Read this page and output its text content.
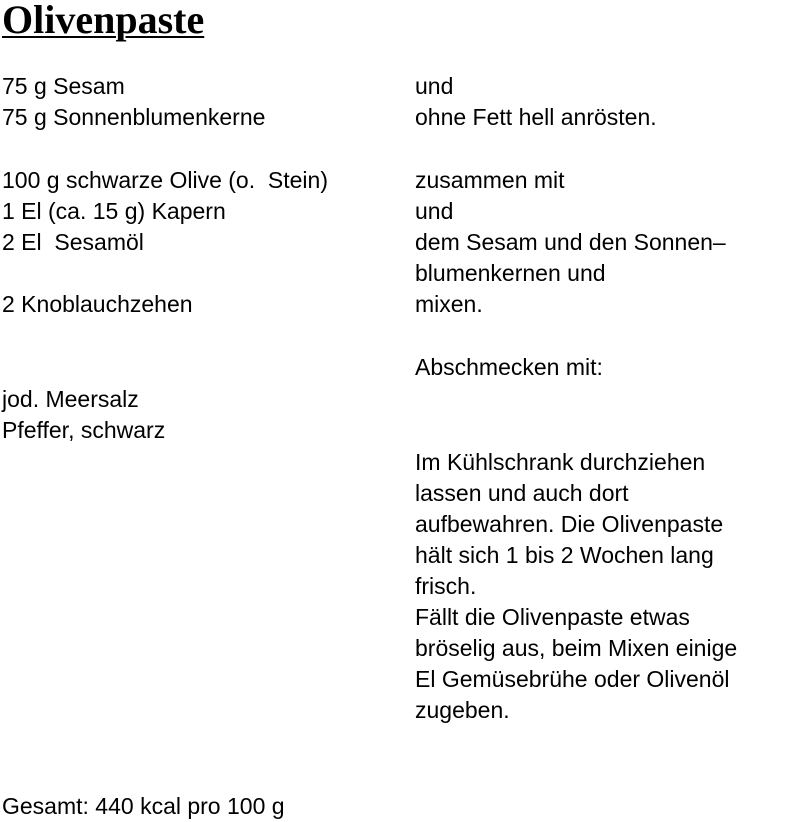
Olivenpaste

75 g Sesam

75 g Sonnenblumenkerne

100 g schwarze Olive (o.  Stein)

1 El (ca. 15 g) Kapern

2 El  Sesamöl

2 Knoblauchzehen

jod. Meersalz

Pfeffer, schwarz

Gesamt: 440 kcal pro 100 g

und

ohne Fett hell anrösten.

zusammen mit

und

dem Sesam und den Sonnen–

blumenkernen und

mixen.

Abschmecken mit:

Im Kühlschrank durchziehen

lassen und auch dort

aufbewahren. Die Olivenpaste

hält sich 1 bis 2 Wochen lang

frisch.

Fällt die Olivenpaste etwas

bröselig aus, beim Mixen einige

El Gemüsebrühe oder Olivenöl

zugeben.
